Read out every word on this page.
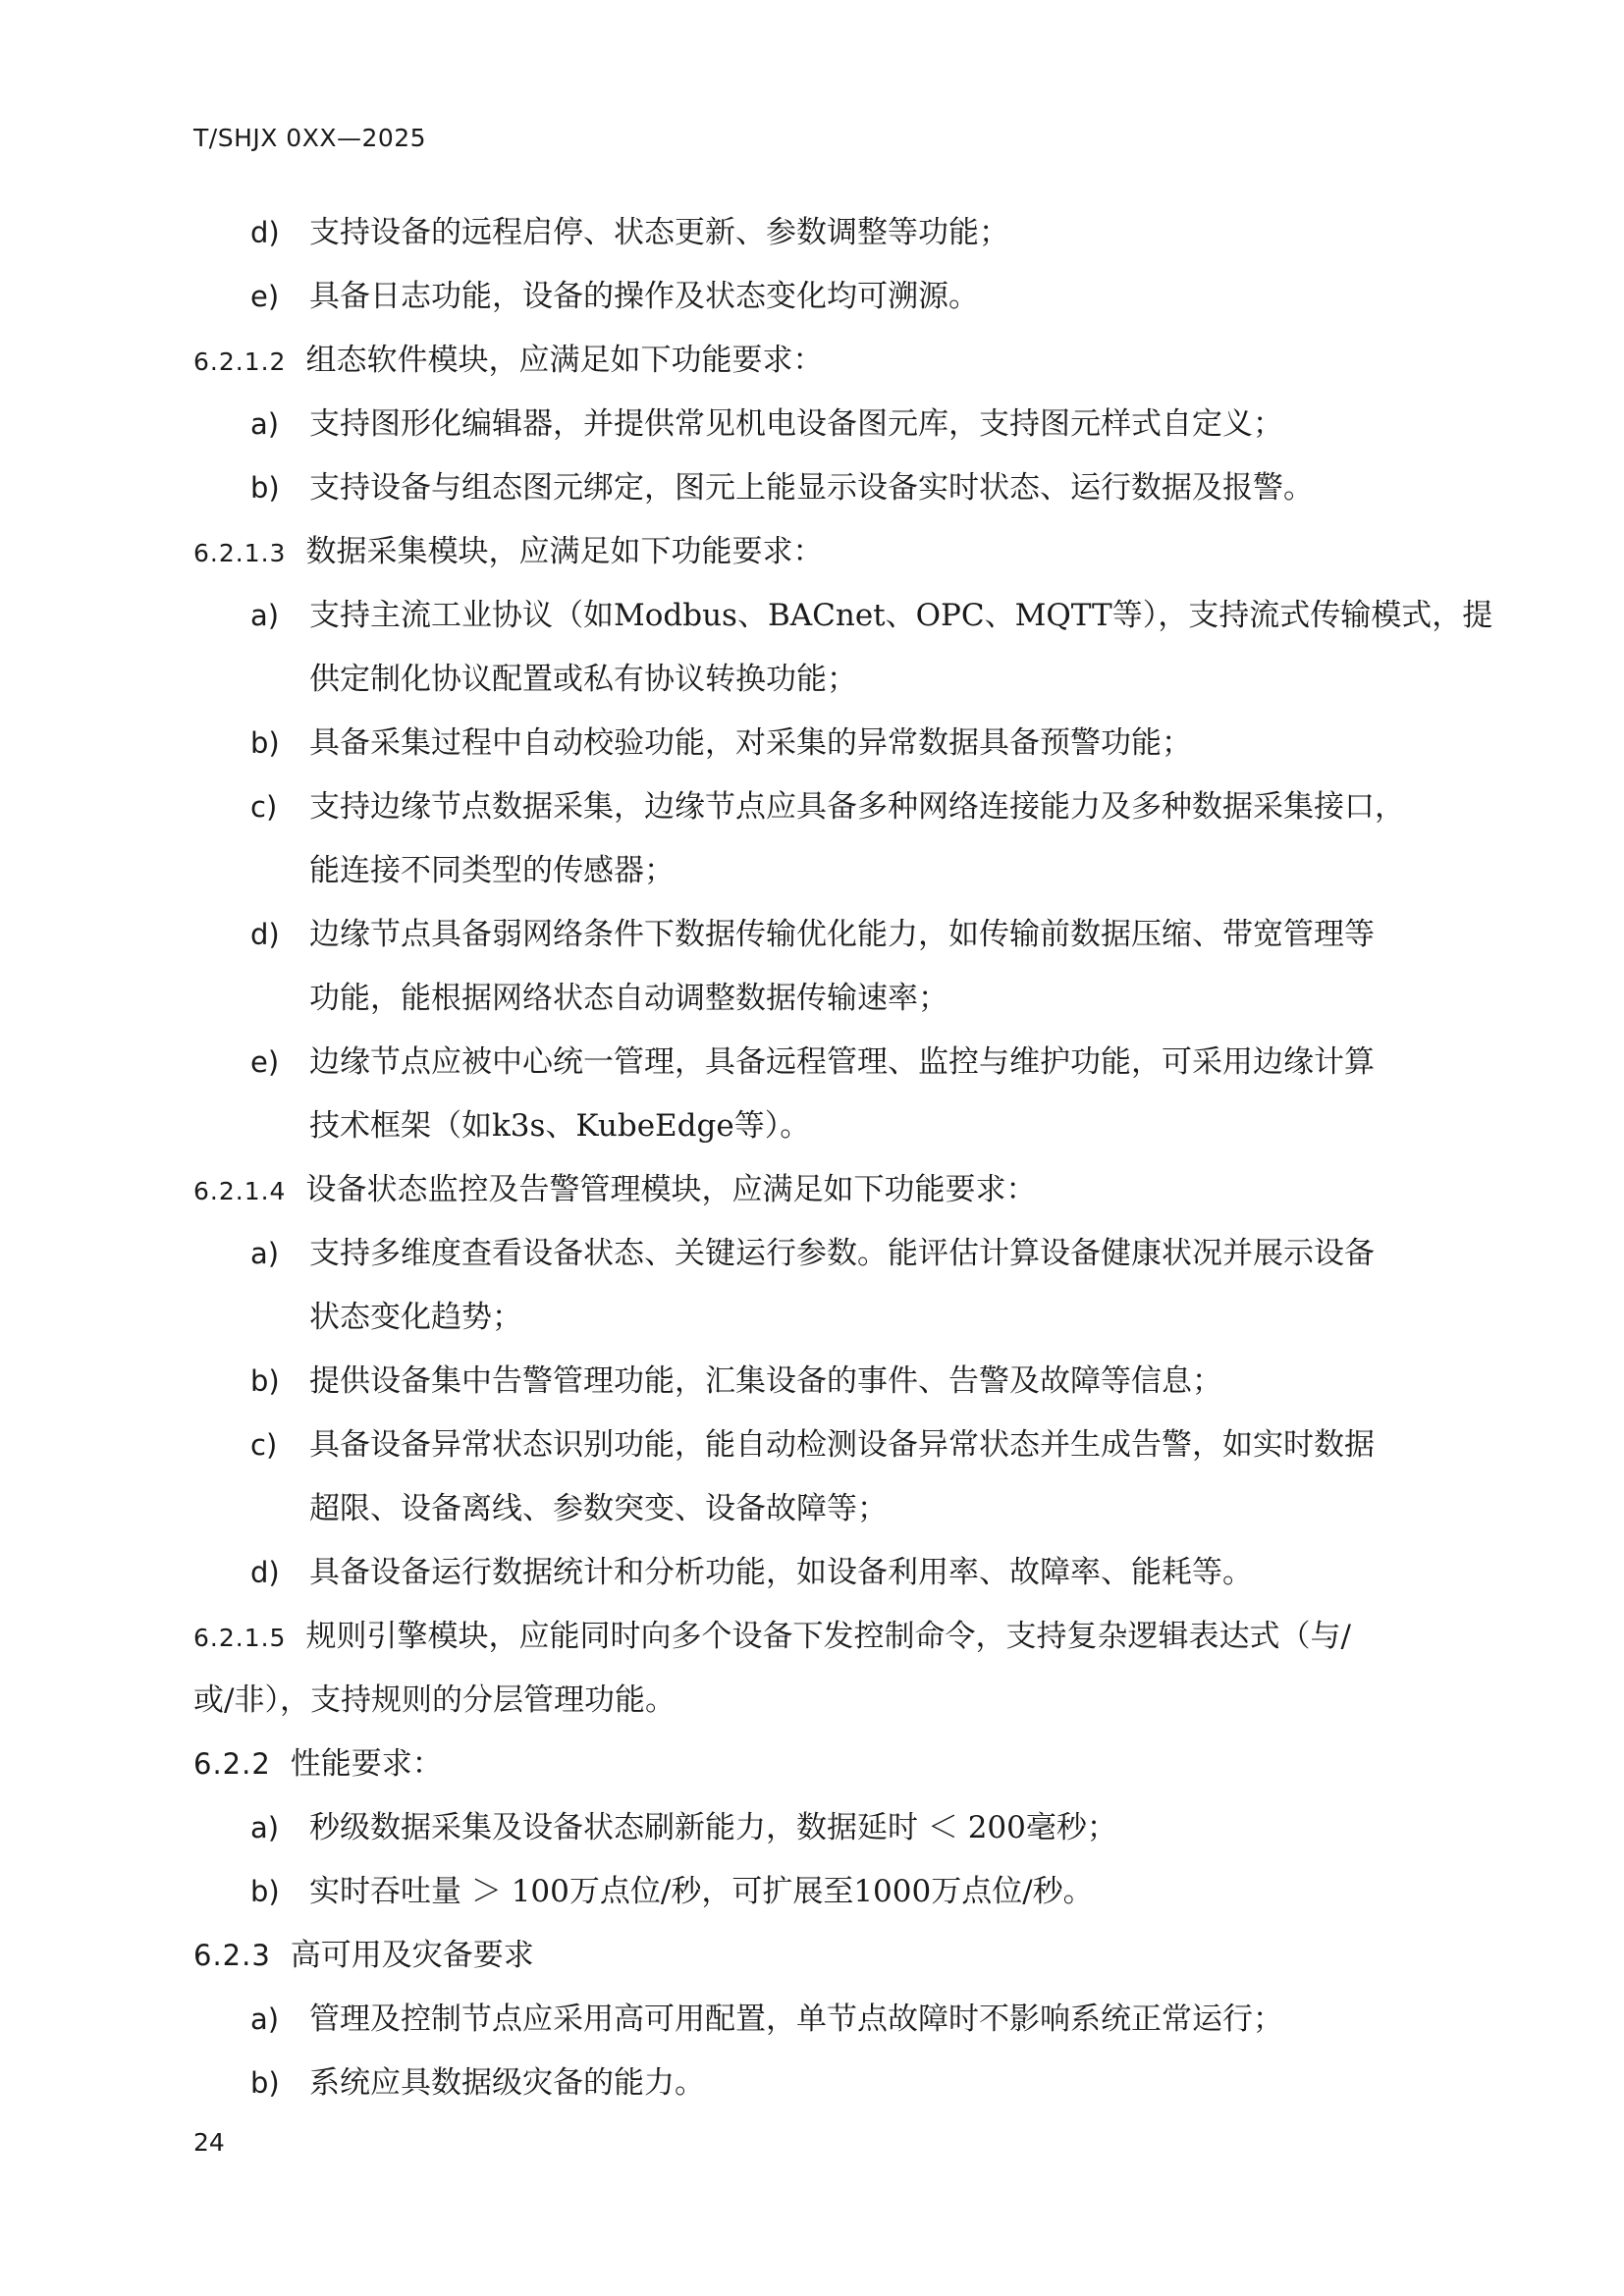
T/SHJX 0XX—2025
d) 支持设备的远程启停、状态更新、参数调整等功能；
e) 具备日志功能，设备的操作及状态变化均可溯源。
6.2.1.2 组态软件模块，应满足如下功能要求：
a) 支持图形化编辑器，并提供常见机电设备图元库，支持图元样式自定义；
b) 支持设备与组态图元绑定，图元上能显示设备实时状态、运行数据及报警。
6.2.1.3 数据采集模块，应满足如下功能要求：
a) 支持主流工业协议（如Modbus、BACnet、OPC、MQTT等），支持流式传输模式，提
供定制化协议配置或私有协议转换功能；
b) 具备采集过程中自动校验功能，对采集的异常数据具备预警功能；
c)	支持边缘节点数据采集，边缘节点应具备多种网络连接能力及多种数据采集接口，
能连接不同类型的传感器；
d) 边缘节点具备弱网络条件下数据传输优化能力，如传输前数据压缩、带宽管理等
功能，能根据网络状态自动调整数据传输速率；
e) 边缘节点应被中心统一管理，具备远程管理、监控与维护功能，可采用边缘计算
技术框架（如k3s、KubeEdge等）。
6.2.1.4 设备状态监控及告警管理模块，应满足如下功能要求：
a) 支持多维度查看设备状态、关键运行参数。能评估计算设备健康状况并展示设备
状态变化趋势；
b) 提供设备集中告警管理功能，汇集设备的事件、告警及故障等信息；
c)	具备设备异常状态识别功能，能自动检测设备异常状态并生成告警，如实时数据
超限、设备离线、参数突变、设备故障等；
d) 具备设备运行数据统计和分析功能，如设备利用率、故障率、能耗等。
6.2.1.5 规则引擎模块，应能同时向多个设备下发控制命令，支持复杂逻辑表达式（与/
或/非），支持规则的分层管理功能。
6.2.2 性能要求：
a) 秒级数据采集及设备状态刷新能力，数据延时 ＜ 200毫秒；
b) 实时吞吐量 ＞ 100万点位/秒，可扩展至1000万点位/秒。
6.2.3 高可用及灾备要求
a) 管理及控制节点应采用高可用配置，单节点故障时不影响系统正常运行；
b) 系统应具数据级灾备的能力。
24
